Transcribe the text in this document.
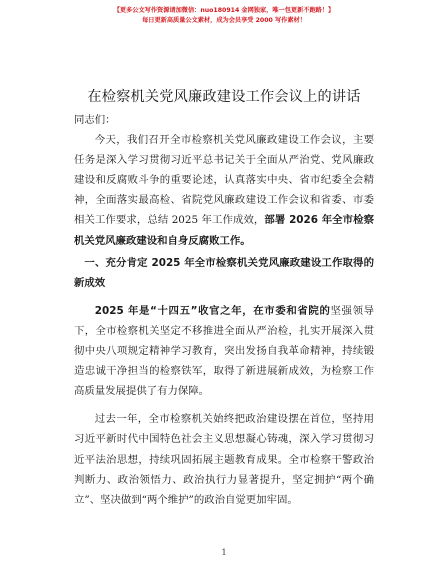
【更多公文写作资源请加微信：nuo180914 金网独家，唯一包更新不跑路！】
每日更新高质量公文素材，成为会员享受 2000 写作素材！
在检察机关党风廉政建设工作会议上的讲话

同志们：

今天，我们召开全市检察机关党风廉政建设工作会议，主要任务是深入学习贯彻习近平总书记关于全面从严治党、党风廉政建设和反腐败斗争的重要论述，认真落实中央、省市纪委全会精神，全面落实最高检、省院党风廉政建设工作会议和省委、市委相关工作要求，总结 2025 年工作成效，部署 2026 年全市检察机关党风廉政建设和自身反腐败工作。

一、充分肯定 2025 年全市检察机关党风廉政建设工作取得的新成效

2025 年是“十四五”收官之年，在市委和省院的坚强领导下，全市检察机关坚定不移推进全面从严治检，扎实开展深入贯彻中央八项规定精神学习教育，突出发扬自我革命精神，持续锻造忠诚干净担当的检察铁军，取得了新进展新成效，为检察工作高质量发展提供了有力保障。

过去一年，全市检察机关始终把政治建设摆在首位，坚持用习近平新时代中国特色社会主义思想凝心铸魂，深入学习贯彻习近平法治思想，持续巩固拓展主题教育成果。全市检察干警政治判断力、政治领悟力、政治执行力显著提升，坚定拥护“两个确立”、坚决做到“两个维护”的政治自觉更加牢固。

1
